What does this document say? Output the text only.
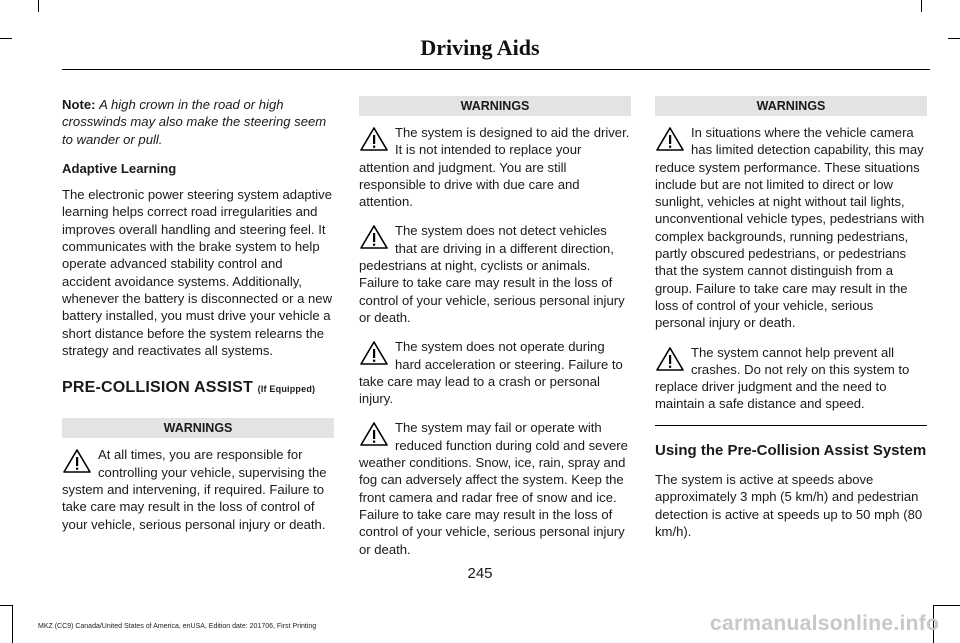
Driving Aids

Note: A high crown in the road or high crosswinds may also make the steering seem to wander or pull.

Adaptive Learning

The electronic power steering system adaptive learning helps correct road irregularities and improves overall handling and steering feel. It communicates with the brake system to help operate advanced stability control and accident avoidance systems. Additionally, whenever the battery is disconnected or a new battery installed, you must drive your vehicle a short distance before the system relearns the strategy and reactivates all systems.

PRE-COLLISION ASSIST (If Equipped)
WARNINGS
At all times, you are responsible for controlling your vehicle, supervising the system and intervening, if required. Failure to take care may result in the loss of control of your vehicle, serious personal injury or death.
WARNINGS
The system is designed to aid the driver. It is not intended to replace your attention and judgment. You are still responsible to drive with due care and attention.
The system does not detect vehicles that are driving in a different direction, pedestrians at night, cyclists or animals. Failure to take care may result in the loss of control of your vehicle, serious personal injury or death.
The system does not operate during hard acceleration or steering. Failure to take care may lead to a crash or personal injury.
The system may fail or operate with reduced function during cold and severe weather conditions. Snow, ice, rain, spray and fog can adversely affect the system. Keep the front camera and radar free of snow and ice. Failure to take care may result in the loss of control of your vehicle, serious personal injury or death.
WARNINGS
In situations where the vehicle camera has limited detection capability, this may reduce system performance. These situations include but are not limited to direct or low sunlight, vehicles at night without tail lights, unconventional vehicle types, pedestrians with complex backgrounds, running pedestrians, partly obscured pedestrians, or pedestrians that the system cannot distinguish from a group. Failure to take care may result in the loss of control of your vehicle, serious personal injury or death.
The system cannot help prevent all crashes. Do not rely on this system to replace driver judgment and the need to maintain a safe distance and speed.
Using the Pre-Collision Assist System

The system is active at speeds above approximately 3 mph (5 km/h) and pedestrian detection is active at speeds up to 50 mph (80 km/h).

245
MKZ (CC9) Canada/United States of America, enUSA, Edition date: 201706, First Printing	carmanualsonline.info
